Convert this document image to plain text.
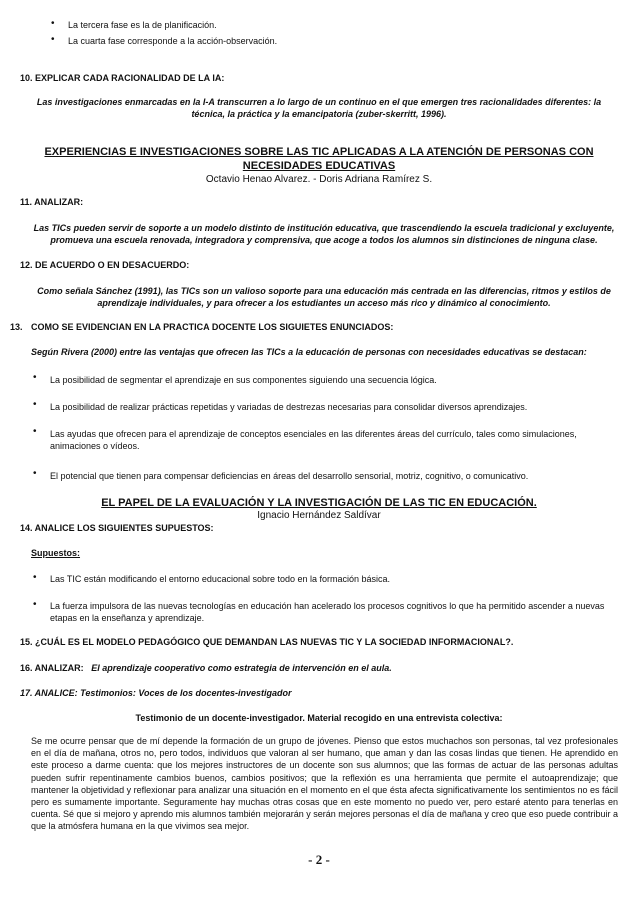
• La tercera fase es la de planificación.
• La cuarta fase corresponde a la acción-observación.
10. EXPLICAR CADA RACIONALIDAD DE LA IA:
Las investigaciones enmarcadas en la I-A transcurren a lo largo de un continuo en el que emergen tres racionalidades diferentes: la técnica, la práctica y la emancipatoria (zuber-skerritt, 1996).
EXPERIENCIAS E INVESTIGACIONES SOBRE LAS TIC APLICADAS A LA ATENCIÓN DE PERSONAS CON NECESIDADES EDUCATIVAS
Octavio Henao Alvarez. - Doris Adriana Ramírez S.
11. ANALIZAR:
Las TICs pueden servir de soporte a un modelo distinto de institución educativa, que trascendiendo la escuela tradicional y excluyente, promueva una escuela renovada, integradora y comprensiva, que acoge a todos los alumnos sin distinciones de ninguna clase.
12. DE ACUERDO O EN DESACUERDO:
Como señala Sánchez (1991), las TICs son un valioso soporte para una educación más centrada en las diferencias, ritmos y estilos de aprendizaje individuales, y para ofrecer a los estudiantes un acceso más rico y dinámico al conocimiento.
13. COMO SE EVIDENCIAN EN LA PRACTICA DOCENTE LOS SIGUIETES ENUNCIADOS:
Según Rivera (2000) entre las ventajas que ofrecen las TICs a la educación de personas con necesidades educativas se destacan:
• La posibilidad de segmentar el aprendizaje en sus componentes siguiendo una secuencia lógica.
• La posibilidad de realizar prácticas repetidas y variadas de destrezas necesarias para consolidar diversos aprendizajes.
• Las ayudas que ofrecen para el aprendizaje de conceptos esenciales en las diferentes áreas del currículo, tales como simulaciones, animaciones o vídeos.
• El potencial que tienen para compensar deficiencias en áreas del desarrollo sensorial, motriz, cognitivo, o comunicativo.
EL PAPEL DE LA EVALUACIÓN Y LA INVESTIGACIÓN DE LAS TIC EN EDUCACIÓN.
Ignacio Hernández Saldívar
14. ANALICE LOS SIGUIENTES SUPUESTOS:
Supuestos:
• Las TIC están modificando el entorno educacional sobre todo en la formación básica.
• La fuerza impulsora de las nuevas tecnologías en educación han acelerado los procesos cognitivos lo que ha permitido ascender a nuevas etapas en la enseñanza y aprendizaje.
15. ¿CUÁL ES EL MODELO PEDAGÓGICO QUE DEMANDAN LAS NUEVAS TIC Y LA SOCIEDAD INFORMACIONAL?.
16. ANALIZAR: El aprendizaje cooperativo como estrategia de intervención en el aula.
17. ANALICE: Testimonios: Voces de los docentes-investigador
Testimonio de un docente-investigador. Material recogido en una entrevista colectiva:
Se me ocurre pensar que de mí depende la formación de un grupo de jóvenes. Pienso que estos muchachos son personas, tal vez profesionales en el día de mañana, otros no, pero todos, individuos que valoran al ser humano, que aman y dan las cosas lindas que tienen. He aprendido en este proceso a darme cuenta: que los mejores instructores de un docente son sus alumnos; que las formas de actuar de las personas adultas pueden sufrir repentinamente cambios buenos, cambios positivos; que la reflexión es una herramienta que permite el autoaprendizaje; que mantener la objetividad y reflexionar para analizar una situación en el momento en el que ésta afecta significativamente los sentimientos no es fácil pero es sumamente importante. Seguramente hay muchas otras cosas que en este momento no puedo ver, pero estaré atento para tenerlas en cuenta. Sé que si mejoro y aprendo mis alumnos también mejorarán y serán mejores personas el día de mañana y creo que eso puede contribuir a que la atmósfera humana en la que vivimos sea mejor.
- 2 -
